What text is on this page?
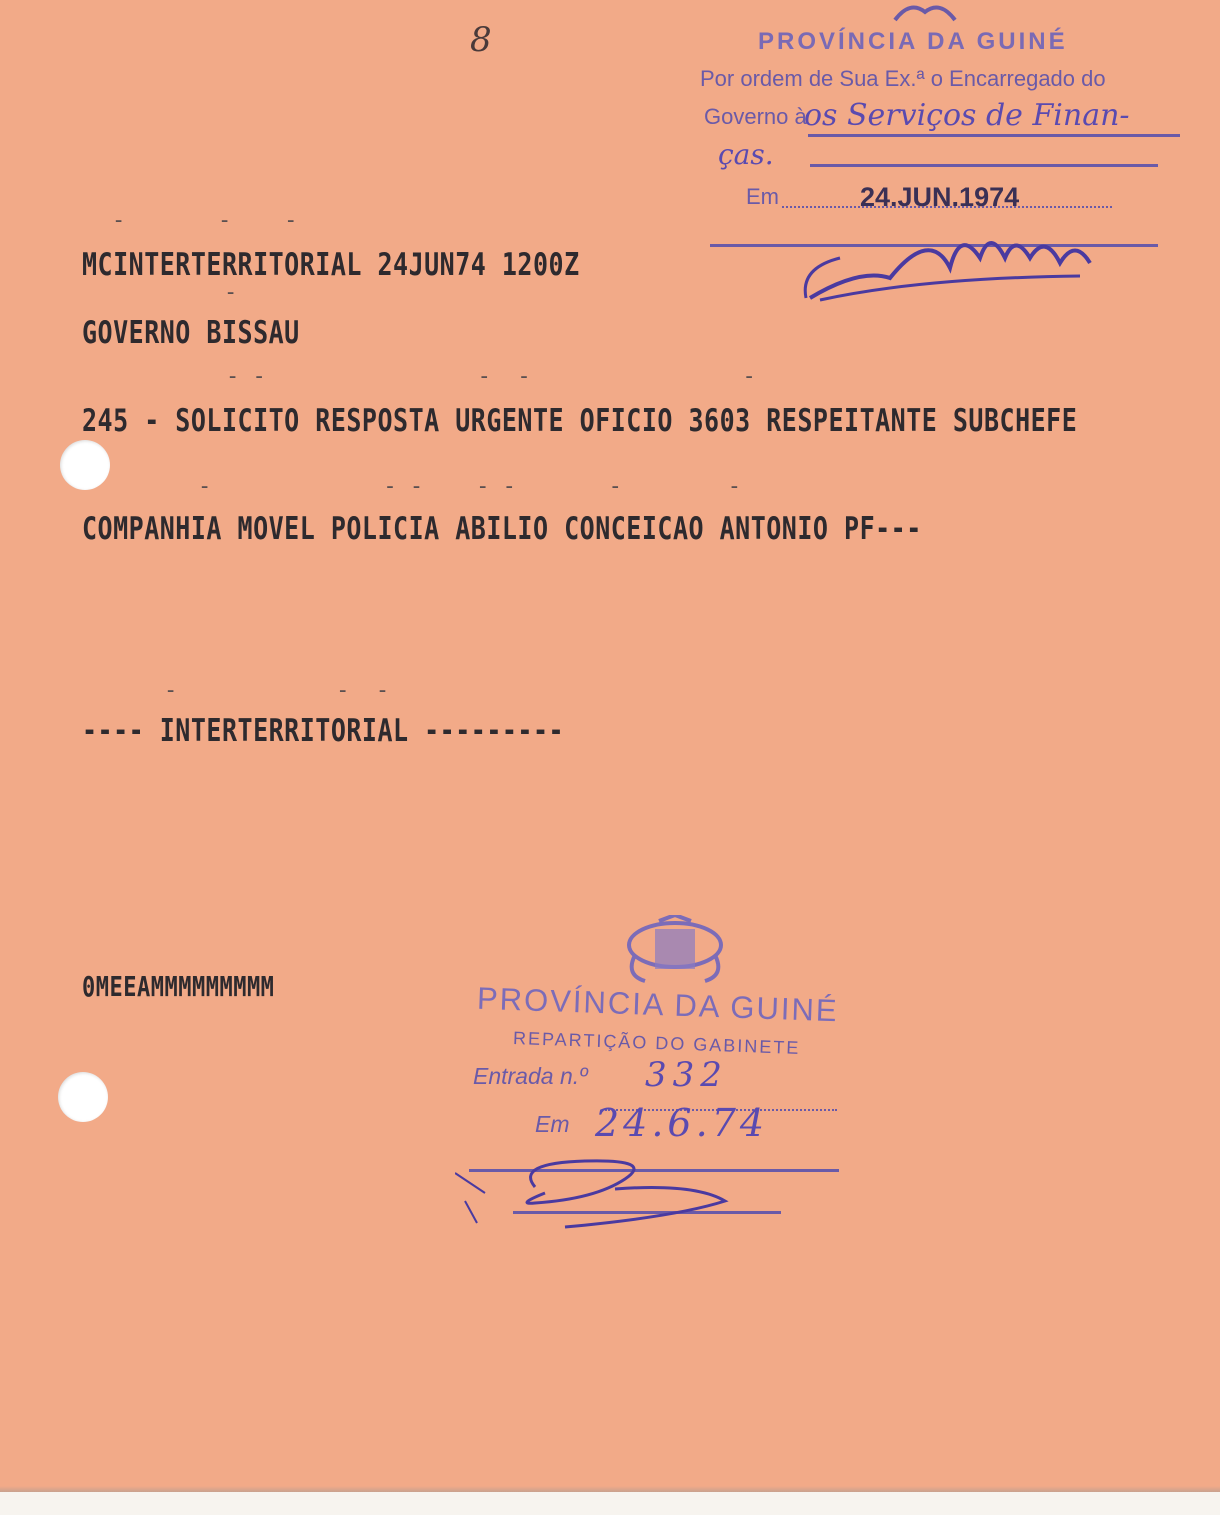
8	PROVÍNCIA DA GUINÉ
Por ordem de Sua Ex.ª o Encarregado do
Governo à
os Serviços de Finan-
ças.
Em	24.JUN.1974
-       -    -
MCINTERTERRITORIAL 24JUN74 1200Z
-
GOVERNO BISSAU
- -                -  -                -
245 - SOLICITO RESPOSTA URGENTE OFICIO 3603 RESPEITANTE SUBCHEFE
-             - -    - -       -        -
COMPANHIA MOVEL POLICIA ABILIO CONCEICAO ANTONIO PF---
-            -  -
---- INTERTERRITORIAL ---------
0MEEAMMMMMMMMM	PROVÍNCIA DA GUINÉ
REPARTIÇÃO DO GABINETE
Entrada n.º 332
Em 24.6.74
